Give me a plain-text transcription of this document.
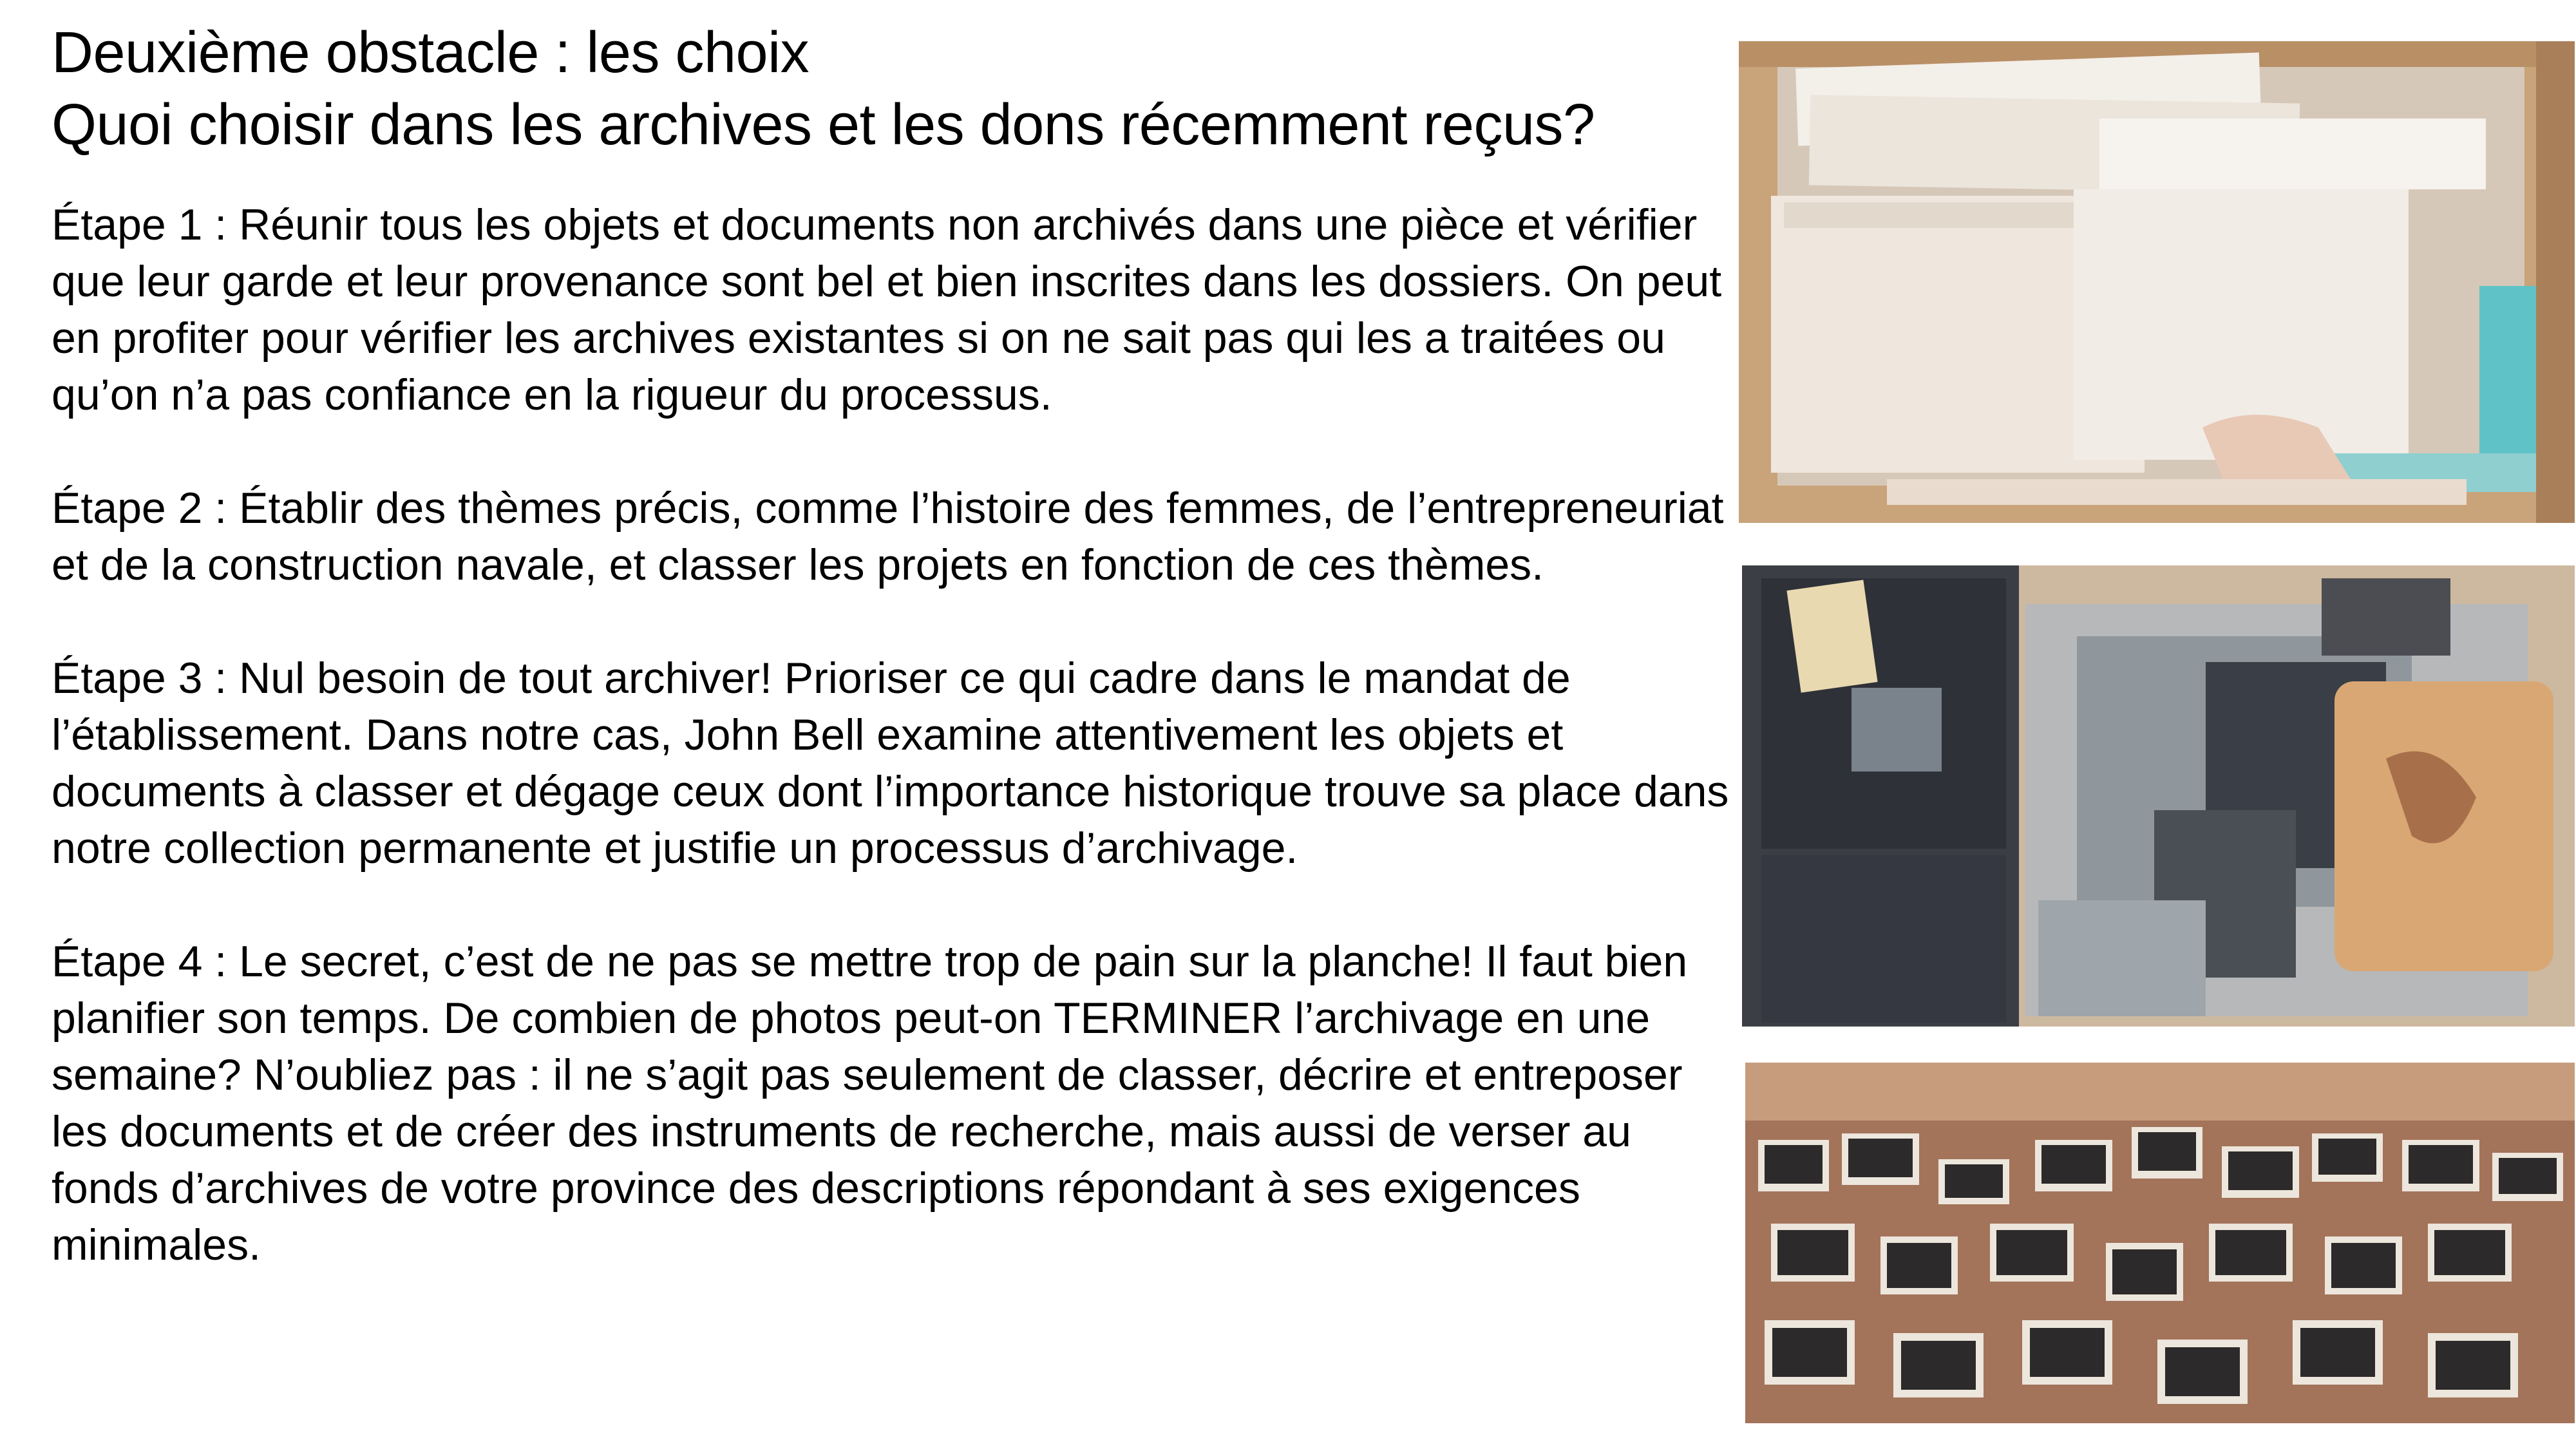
Deuxième obstacle : les choix
Quoi choisir dans les archives et les dons récemment reçus?

Étape 1 : Réunir tous les objets et documents non archivés dans une pièce et vérifier que leur garde et leur provenance sont bel et bien inscrites dans les dossiers. On peut en profiter pour vérifier les archives existantes si on ne sait pas qui les a traitées ou qu’on n’a pas confiance en la rigueur du processus.

Étape 2 : Établir des thèmes précis, comme l’histoire des femmes, de l’entrepreneuriat et de la construction navale, et classer les projets en fonction de ces thèmes.

Étape 3 : Nul besoin de tout archiver! Prioriser ce qui cadre dans le mandat de l’établissement. Dans notre cas, John Bell examine attentivement les objets et documents à classer et dégage ceux dont l’importance historique trouve sa place dans notre collection permanente et justifie un processus d’archivage.

Étape 4 : Le secret, c’est de ne pas se mettre trop de pain sur la planche! Il faut bien planifier son temps. De combien de photos peut-on TERMINER l’archivage en une semaine? N’oubliez pas : il ne s’agit pas seulement de classer, décrire et entreposer les documents et de créer des instruments de recherche, mais aussi de verser au fonds d’archives de votre province des descriptions répondant à ses exigences minimales.
